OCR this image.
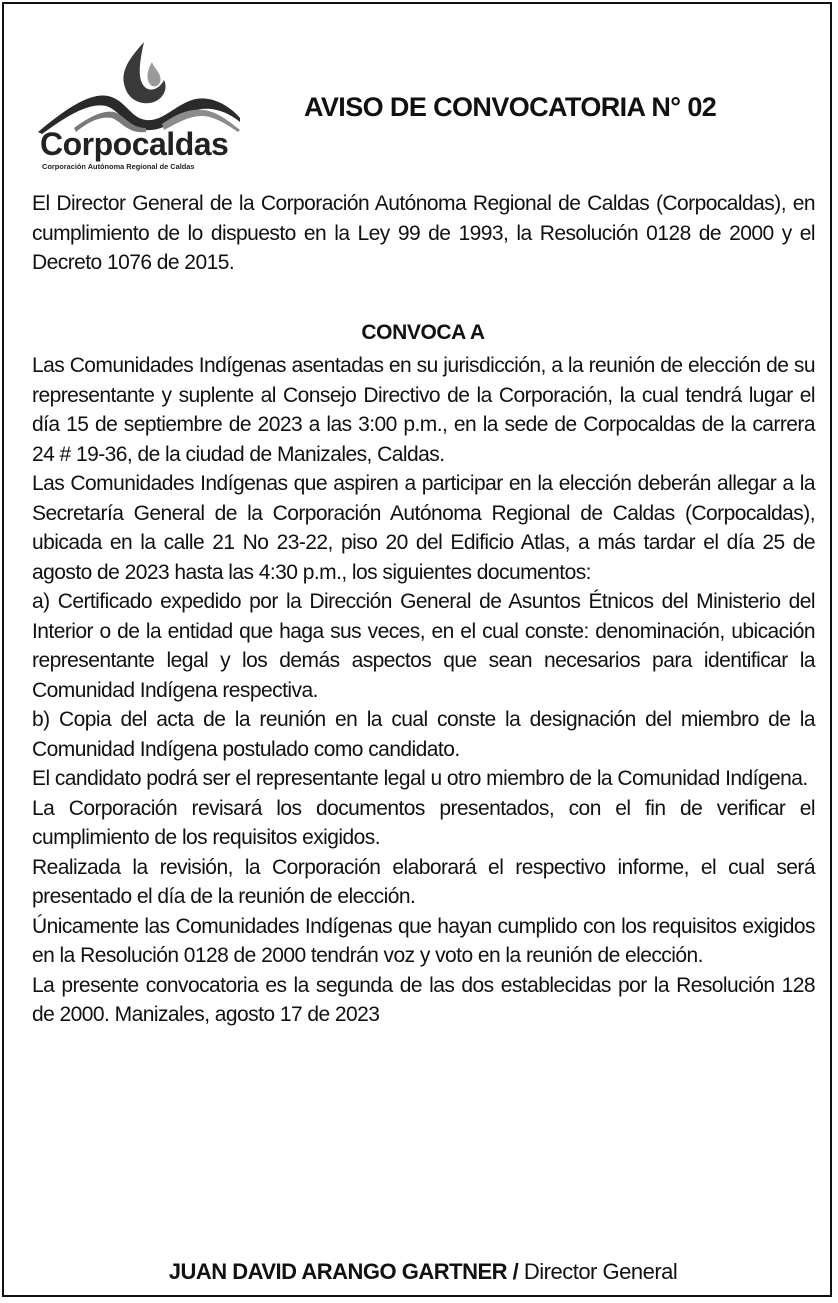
Corpocaldas
Corporación Autónoma Regional de Caldas
AVISO DE CONVOCATORIA N° 02

El Director General de la Corporación Autónoma Regional de Caldas (Corpocaldas), en cumplimiento de lo dispuesto en la Ley 99 de 1993, la Resolución 0128 de 2000 y el Decreto 1076 de 2015.

CONVOCA A

Las Comunidades Indígenas asentadas en su jurisdicción, a la reunión de elección de su representante y suplente al Consejo Directivo de la Corporación, la cual tendrá lugar el día 15 de septiembre de 2023 a las 3:00 p.m., en la sede de Corpocaldas de la carrera 24 # 19-36, de la ciudad de Manizales, Caldas.

Las Comunidades Indígenas que aspiren a participar en la elección deberán allegar a la Secretaría General de la Corporación Autónoma Regional de Caldas (Corpocaldas), ubicada en la calle 21 No 23-22, piso 20 del Edificio Atlas, a más tardar el día 25 de agosto de 2023 hasta las 4:30 p.m., los siguientes documentos:

a) Certificado expedido por la Dirección General de Asuntos Étnicos del Ministerio del Interior o de la entidad que haga sus veces, en el cual conste: denominación, ubicación representante legal y los demás aspectos que sean necesarios para identificar la Comunidad Indígena respectiva.

b) Copia del acta de la reunión en la cual conste la designación del miembro de la Comunidad Indígena postulado como candidato.

El candidato podrá ser el representante legal u otro miembro de la Comunidad Indígena.

La Corporación revisará los documentos presentados, con el fin de verificar el cumplimiento de los requisitos exigidos.

Realizada la revisión, la Corporación elaborará el respectivo informe, el cual será presentado el día de la reunión de elección.

Únicamente las Comunidades Indígenas que hayan cumplido con los requisitos exigidos en la Resolución 0128 de 2000 tendrán voz y voto en la reunión de elección.

La presente convocatoria es la segunda de las dos establecidas por la Resolución 128 de 2000. Manizales, agosto 17 de 2023

JUAN DAVID ARANGO GARTNER / Director General
